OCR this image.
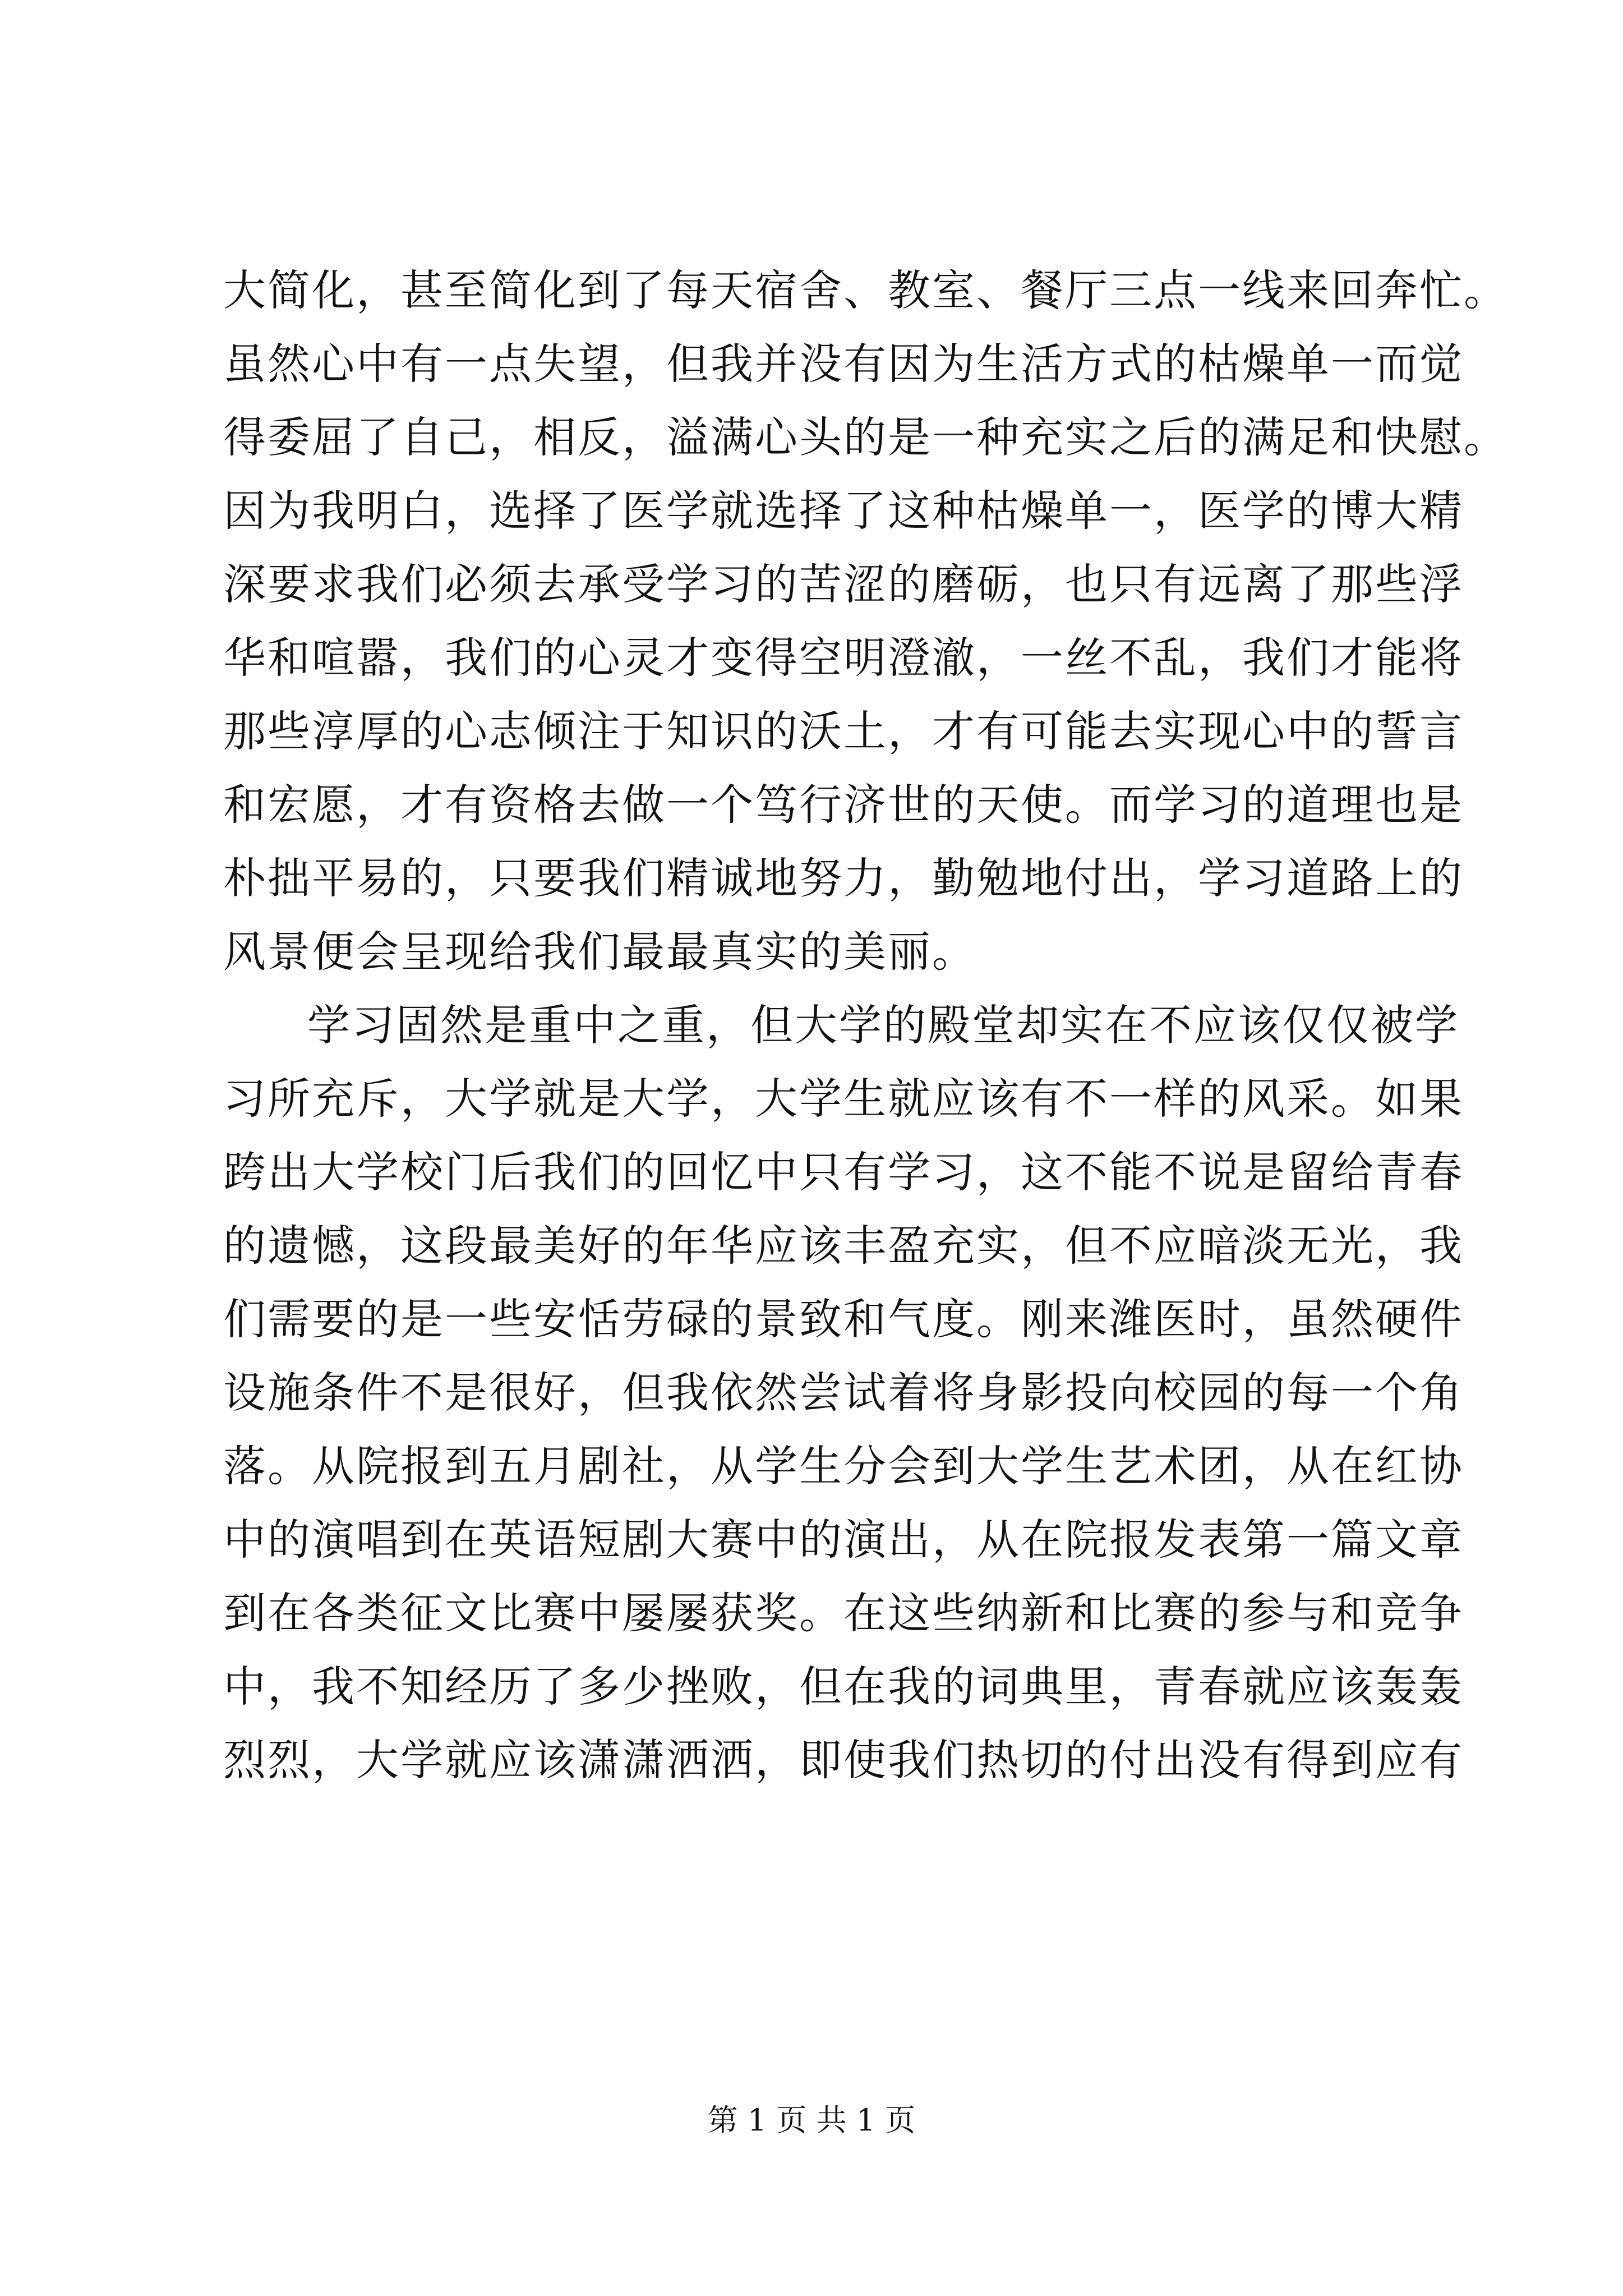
大简化，甚至简化到了每天宿舍、教室、餐厅三点一线来回奔忙。
虽然心中有一点失望，但我并没有因为生活方式的枯燥单一而觉
得委屈了自己，相反，溢满心头的是一种充实之后的满足和快慰。
因为我明白，选择了医学就选择了这种枯燥单一，医学的博大精
深要求我们必须去承受学习的苦涩的磨砺，也只有远离了那些浮
华和喧嚣，我们的心灵才变得空明澄澈，一丝不乱，我们才能将
那些淳厚的心志倾注于知识的沃土，才有可能去实现心中的誓言
和宏愿，才有资格去做一个笃行济世的天使。而学习的道理也是
朴拙平易的，只要我们精诚地努力，勤勉地付出，学习道路上的
风景便会呈现给我们最最真实的美丽。
学习固然是重中之重，但大学的殿堂却实在不应该仅仅被学
习所充斥，大学就是大学，大学生就应该有不一样的风采。如果
跨出大学校门后我们的回忆中只有学习，这不能不说是留给青春
的遗憾，这段最美好的年华应该丰盈充实，但不应暗淡无光，我
们需要的是一些安恬劳碌的景致和气度。刚来潍医时，虽然硬件
设施条件不是很好，但我依然尝试着将身影投向校园的每一个角
落。从院报到五月剧社，从学生分会到大学生艺术团，从在红协
中的演唱到在英语短剧大赛中的演出，从在院报发表第一篇文章
到在各类征文比赛中屡屡获奖。在这些纳新和比赛的参与和竞争
中，我不知经历了多少挫败，但在我的词典里，青春就应该轰轰
烈烈，大学就应该潇潇洒洒，即使我们热切的付出没有得到应有
第 1 页 共 1 页
